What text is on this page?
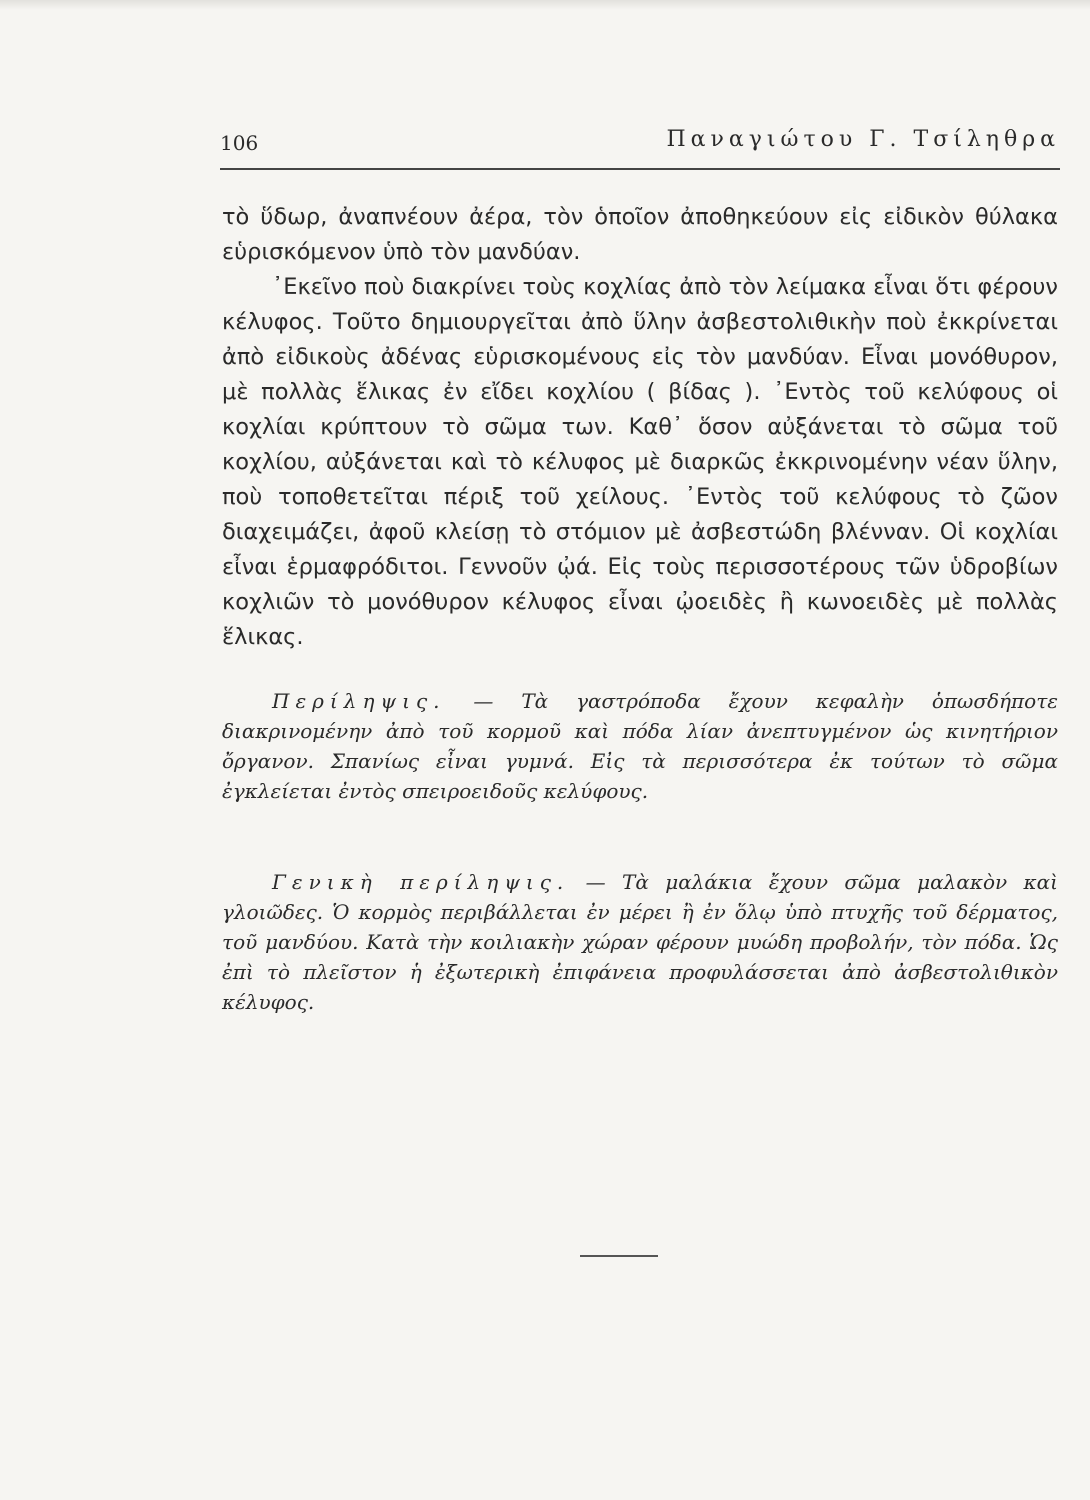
106	Παναγιώτου Γ. Τσίληθρα

τὸ ὕδωρ, ἀναπνέουν ἀέρα, τὸν ὁποῖον ἀποθηκεύουν εἰς εἰδικὸν θύλακα εὑρισκόμενον ὑπὸ τὸν μανδύαν.

᾿Εκεῖνο ποὺ διακρίνει τοὺς κοχλίας ἀπὸ τὸν λείμακα εἶναι ὅτι φέρουν κέλυφος. Τοῦτο δημιουργεῖται ἀπὸ ὕλην ἀσβεστολιθικὴν ποὺ ἐκκρίνεται ἀπὸ εἰδικοὺς ἀδένας εὑρισκομένους εἰς τὸν μανδύαν. Εἶναι μονόθυρον, μὲ πολλὰς ἕλικας ἐν εἴδει κοχλίου ( βίδας ). ᾿Εντὸς τοῦ κελύφους οἱ κοχλίαι κρύπτουν τὸ σῶμα των. Καθ᾿ ὅσον αὐξάνεται τὸ σῶμα τοῦ κοχλίου, αὐξάνεται καὶ τὸ κέλυφος μὲ διαρκῶς ἐκκρινομένην νέαν ὕλην, ποὺ τοποθετεῖται πέριξ τοῦ χείλους. ᾿Εντὸς τοῦ κελύφους τὸ ζῶον διαχειμάζει, ἀφοῦ κλείσῃ τὸ στόμιον μὲ ἀσβεστώδη βλένναν. Οἱ κοχλίαι εἶναι ἑρμαφρόδιτοι. Γεννοῦν ᾠά. Εἰς τοὺς περισσοτέρους τῶν ὑδροβίων κοχλιῶν τὸ μονόθυρον κέλυφος εἶναι ᾠοειδὲς ἢ κωνοειδὲς μὲ πολλὰς ἕλικας.

Περίληψις. — Τὰ γαστρόποδα ἔχουν κεφαλὴν ὁπωσδήποτε διακρινομένην ἀπὸ τοῦ κορμοῦ καὶ πόδα λίαν ἀνεπτυγμένον ὡς κινητήριον ὄργανον. Σπανίως εἶναι γυμνά. Εἰς τὰ περισσότερα ἐκ τούτων τὸ σῶμα ἐγκλείεται ἐντὸς σπειροειδοῦς κελύφους.
Γενικὴ περίληψις. — Τὰ μαλάκια ἔχουν σῶμα μαλακὸν καὶ γλοιῶδες. Ὁ κορμὸς περιβάλλεται ἐν μέρει ἢ ἐν ὅλῳ ὑπὸ πτυχῆς τοῦ δέρματος, τοῦ μανδύου. Κατὰ τὴν κοιλιακὴν χώραν φέρουν μυώδη προβολήν, τὸν πόδα. Ὡς ἐπὶ τὸ πλεῖστον ἡ ἐξωτερικὴ ἐπιφάνεια προφυλάσσεται ἀπὸ ἀσβεστολιθικὸν κέλυφος.
